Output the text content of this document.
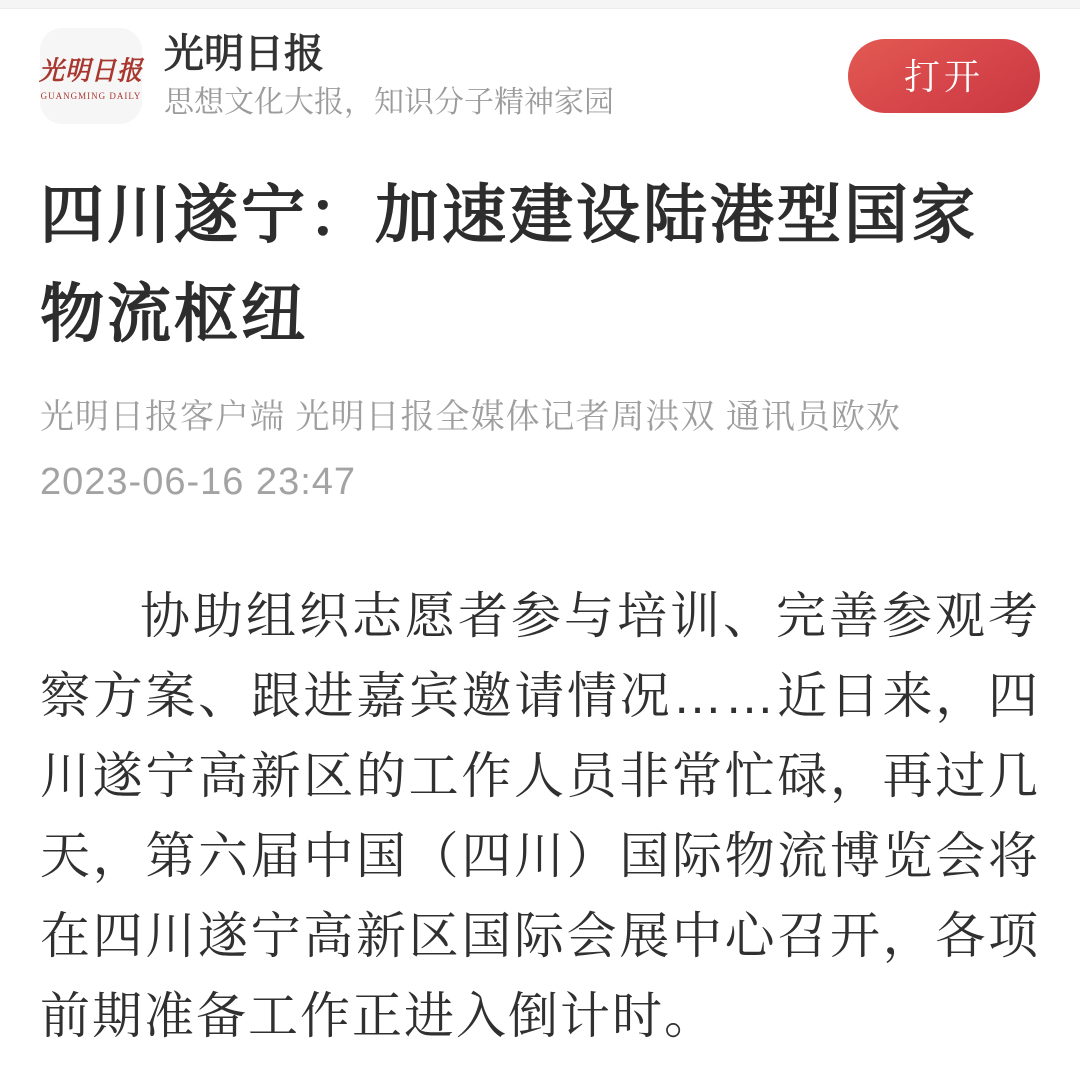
光明日报
GUANGMING DAILY
光明日报
思想文化大报，知识分子精神家园
打开
四川遂宁：加速建设陆港型国家物流枢纽
光明日报客户端 光明日报全媒体记者周洪双 通讯员欧欢
2023-06-16 23:47

协助组织志愿者参与培训、完善参观考察方案、跟进嘉宾邀请情况……近日来，四川遂宁高新区的工作人员非常忙碌，再过几天，第六届中国（四川）国际物流博览会将在四川遂宁高新区国际会展中心召开，各项前期准备工作正进入倒计时。
